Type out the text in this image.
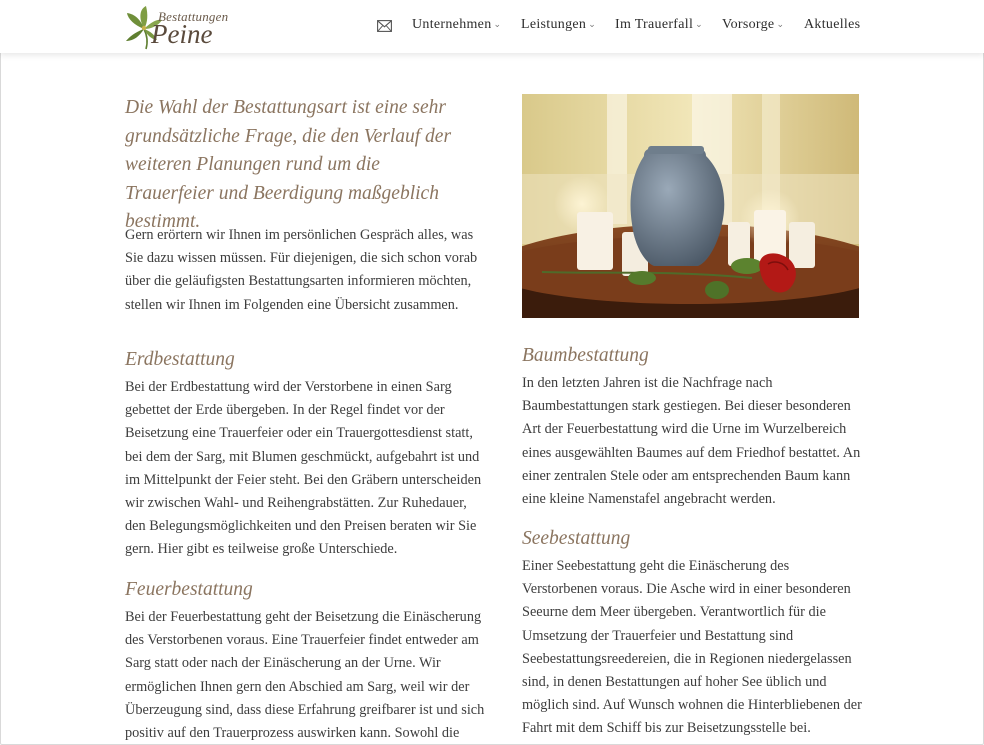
Bestattungen
Peine	Unternehmen ⌄ Leistungen ⌄ Im Trauerfall ⌄ Vorsorge ⌄ Aktuelles
Die Wahl der Bestattungsart ist eine sehr grundsätzliche Frage, die den Verlauf der weiteren Planungen rund um die Trauerfeier und Beerdigung maßgeblich bestimmt.
Gern erörtern wir Ihnen im persönlichen Gespräch alles, was Sie dazu wissen müssen. Für diejenigen, die sich schon vorab über die geläufigsten Bestattungsarten informieren möchten, stellen wir Ihnen im Folgenden eine Übersicht zusammen.
Erdbestattung
Bei der Erdbestattung wird der Verstorbene in einen Sarg gebettet der Erde übergeben. In der Regel findet vor der Beisetzung eine Trauerfeier oder ein Trauergottesdienst statt, bei dem der Sarg, mit Blumen geschmückt, aufgebahrt ist und im Mittelpunkt der Feier steht. Bei den Gräbern unterscheiden wir zwischen Wahl- und Reihengrabstätten. Zur Ruhedauer, den Belegungsmöglichkeiten und den Preisen beraten wir Sie gern. Hier gibt es teilweise große Unterschiede.
Feuerbestattung
Bei der Feuerbestattung geht der Beisetzung die Einäscherung des Verstorbenen voraus. Eine Trauerfeier findet entweder am Sarg statt oder nach der Einäscherung an der Urne. Wir ermöglichen Ihnen gern den Abschied am Sarg, weil wir der Überzeugung sind, dass diese Erfahrung greifbarer ist und sich positiv auf den Trauerprozess auswirken kann. Sowohl die
Baumbestattung
In den letzten Jahren ist die Nachfrage nach Baumbestattungen stark gestiegen. Bei dieser besonderen Art der Feuerbestattung wird die Urne im Wurzelbereich eines ausgewählten Baumes auf dem Friedhof bestattet. An einer zentralen Stele oder am entsprechenden Baum kann eine kleine Namenstafel angebracht werden.
Seebestattung
Einer Seebestattung geht die Einäscherung des Verstorbenen voraus. Die Asche wird in einer besonderen Seeurne dem Meer übergeben. Verantwortlich für die Umsetzung der Trauerfeier und Bestattung sind Seebestattungsreedereien, die in Regionen niedergelassen sind, in denen Bestattungen auf hoher See üblich und möglich sind. Auf Wunsch wohnen die Hinterbliebenen der Fahrt mit dem Schiff bis zur Beisetzungsstelle bei.
